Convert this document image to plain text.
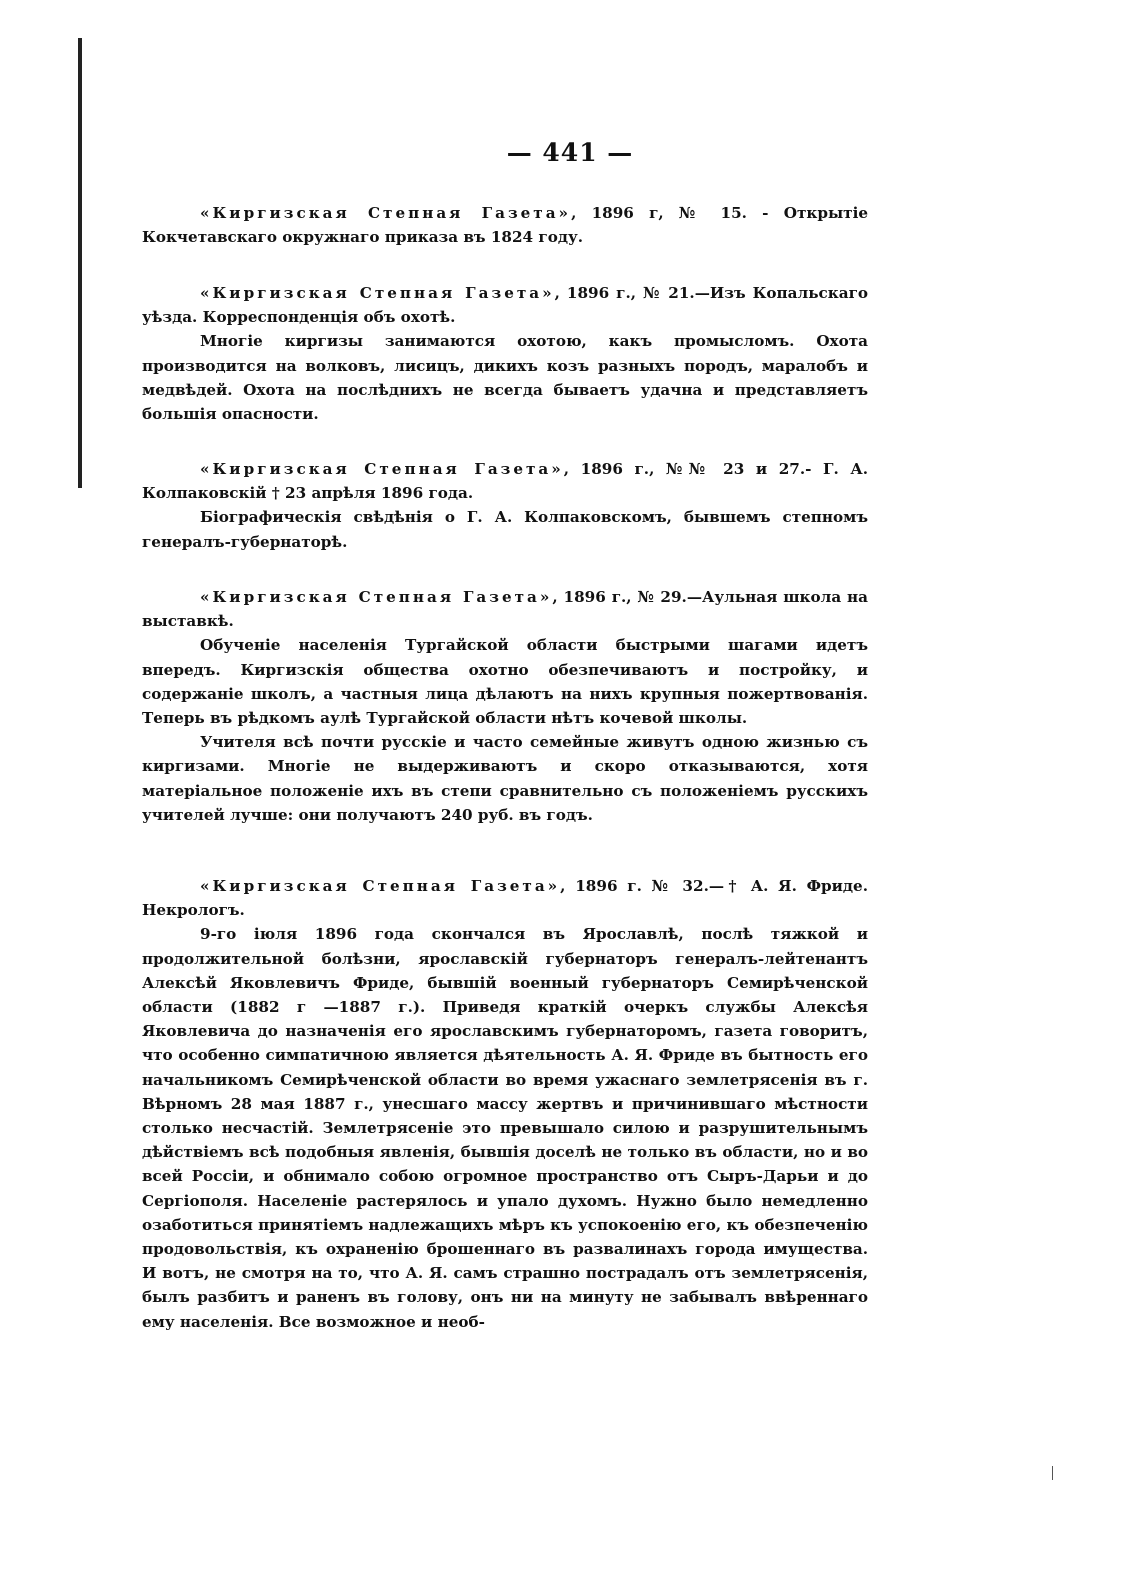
— 441 —

«Киргизская Степная Газета», 1896 г, № 15. - Открытіе Кокчетавскаго окружнаго приказа въ 1824 году.

«Киргизская Степная Газета», 1896 г., № 21.—Изъ Копальскаго уѣзда. Корреспонденція объ охотѣ.

Многіе киргизы занимаются охотою, какъ промысломъ. Охота производится на волковъ, лисицъ, дикихъ козъ разныхъ породъ, маралобъ и медвѣдей. Охота на послѣднихъ не всегда бываетъ удачна и представляетъ большія опасности.

«Киргизская Степная Газета», 1896 г., №№ 23 и 27.- Г. А. Колпаковскій † 23 апрѣля 1896 года.

Біографическія свѣдѣнія о Г. А. Колпаковскомъ, бывшемъ степномъ генералъ-губернаторѣ.

«Киргизская Степная Газета», 1896 г., № 29.—Аульная школа на выставкѣ.

Обученіе населенія Тургайской области быстрыми шагами идетъ впередъ. Киргизскія общества охотно обезпечиваютъ и постройку, и содержаніе школъ, а частныя лица дѣлаютъ на нихъ крупныя пожертвованія. Теперь въ рѣдкомъ аулѣ Тургайской области нѣтъ кочевой школы.

Учителя всѣ почти русскіе и часто семейные живутъ одною жизнью съ киргизами. Многіе не выдерживаютъ и скоро отказываются, хотя матеріальное положеніе ихъ въ степи сравнительно съ положеніемъ русскихъ учителей лучше: они получаютъ 240 руб. въ годъ.

«Киргизская Степная Газета», 1896 г. № 32.—† А. Я. Фриде. Некрологъ.

9-го іюля 1896 года скончался въ Ярославлѣ, послѣ тяжкой и продолжительной болѣзни, ярославскій губернаторъ генералъ-лейтенантъ Алексѣй Яковлевичъ Фриде, бывшій военный губернаторъ Семирѣченской области (1882 г —1887 г.). Приведя краткій очеркъ службы Алексѣя Яковлевича до назначенія его ярославскимъ губернаторомъ, газета говоритъ, что особенно симпатичною является дѣятельность А. Я. Фриде въ бытность его начальникомъ Семирѣченской области во время ужаснаго землетрясенія въ г. Вѣрномъ 28 мая 1887 г., унесшаго массу жертвъ и причинившаго мѣстности столько несчастій. Землетрясеніе это превышало силою и разрушительнымъ дѣйствіемъ всѣ подобныя явленія, бывшія доселѣ не только въ области, но и во всей Россіи, и обнимало собою огромное пространство отъ Сыръ-Дарьи и до Сергіополя. Населеніе растерялось и упало духомъ. Нужно было немедленно озаботиться принятіемъ надлежащихъ мѣръ къ успокоенію его, къ обезпеченію продовольствія, къ охраненію брошеннаго въ развалинахъ города имущества. И вотъ, не смотря на то, что А. Я. самъ страшно пострадалъ отъ землетрясенія, былъ разбитъ и раненъ въ голову, онъ ни на минуту не забывалъ ввѣреннаго ему населенія. Все возможное и необ-
